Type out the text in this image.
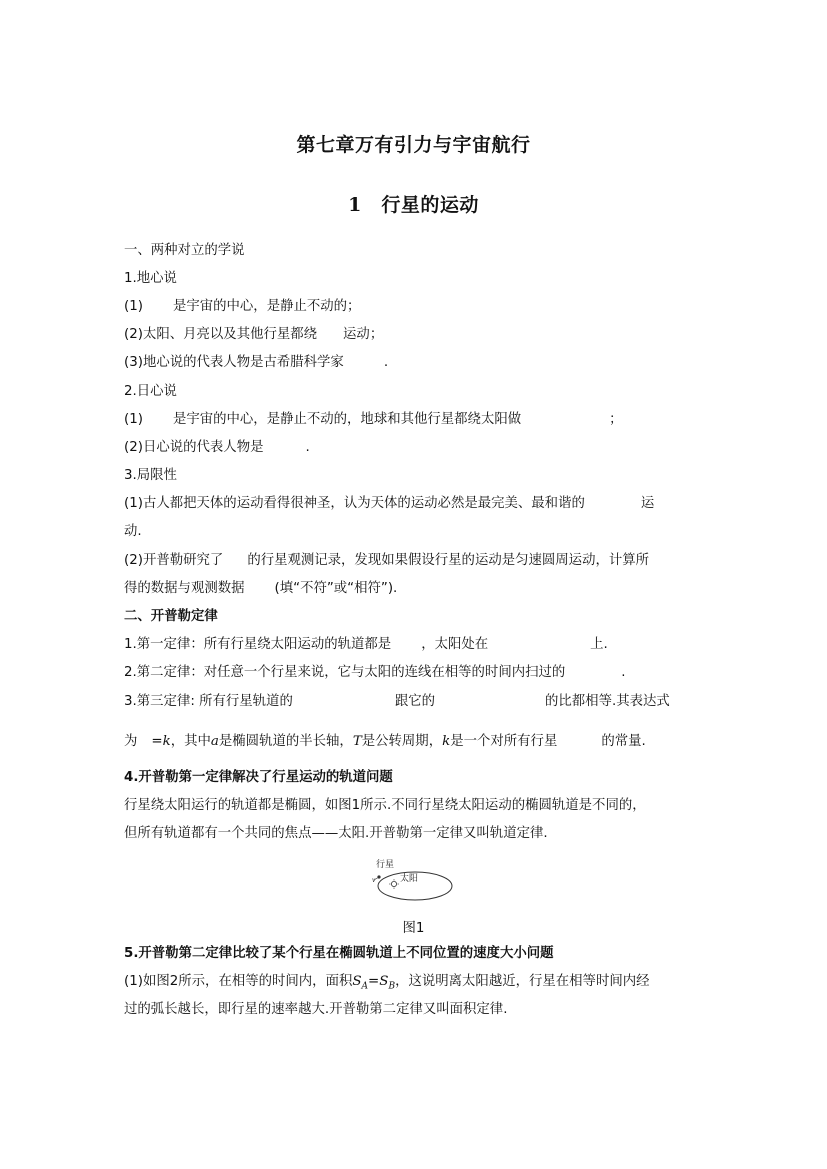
第七章万有引力与宇宙航行
1　行星的运动
一、两种对立的学说
1.地心说
(1) 是宇宙的中心，是静止不动的；
(2)太阳、月亮以及其他行星都绕 运动；
(3)地心说的代表人物是古希腊科学家	.
2.日心说
(1) 是宇宙的中心，是静止不动的，地球和其他行星都绕太阳做	；
(2)日心说的代表人物是	.
3.局限性
(1)古人都把天体的运动看得很神圣，认为天体的运动必然是最完美、最和谐的	运
动.
(2)开普勒研究了 的行星观测记录，发现如果假设行星的运动是匀速圆周运动，计算所
得的数据与观测数据 (填“不符”或“相符”).
二、开普勒定律
1.第一定律：所有行星绕太阳运动的轨道都是 ，太阳处在	上.
2.第二定律：对任意一个行星来说，它与太阳的连线在相等的时间内扫过的	.
3.第三定律: 所有行星轨道的	跟它的	的比都相等.其表达式
为 =k，其中a是椭圆轨道的半长轴，T是公转周期，k是一个对所有行星	的常量.
4.开普勒第一定律解决了行星运动的轨道问题
行星绕太阳运行的轨道都是椭圆，如图1所示.不同行星绕太阳运动的椭圆轨道是不同的，
但所有轨道都有一个共同的焦点——太阳.开普勒第一定律又叫轨道定律.
行星
太阳
v
图1
5.开普勒第二定律比较了某个行星在椭圆轨道上不同位置的速度大小问题
(1)如图2所示，在相等的时间内，面积$S_A=S_B$，这说明离太阳越近，行星在相等时间内经
过的弧长越长，即行星的速率越大.开普勒第二定律又叫面积定律.
